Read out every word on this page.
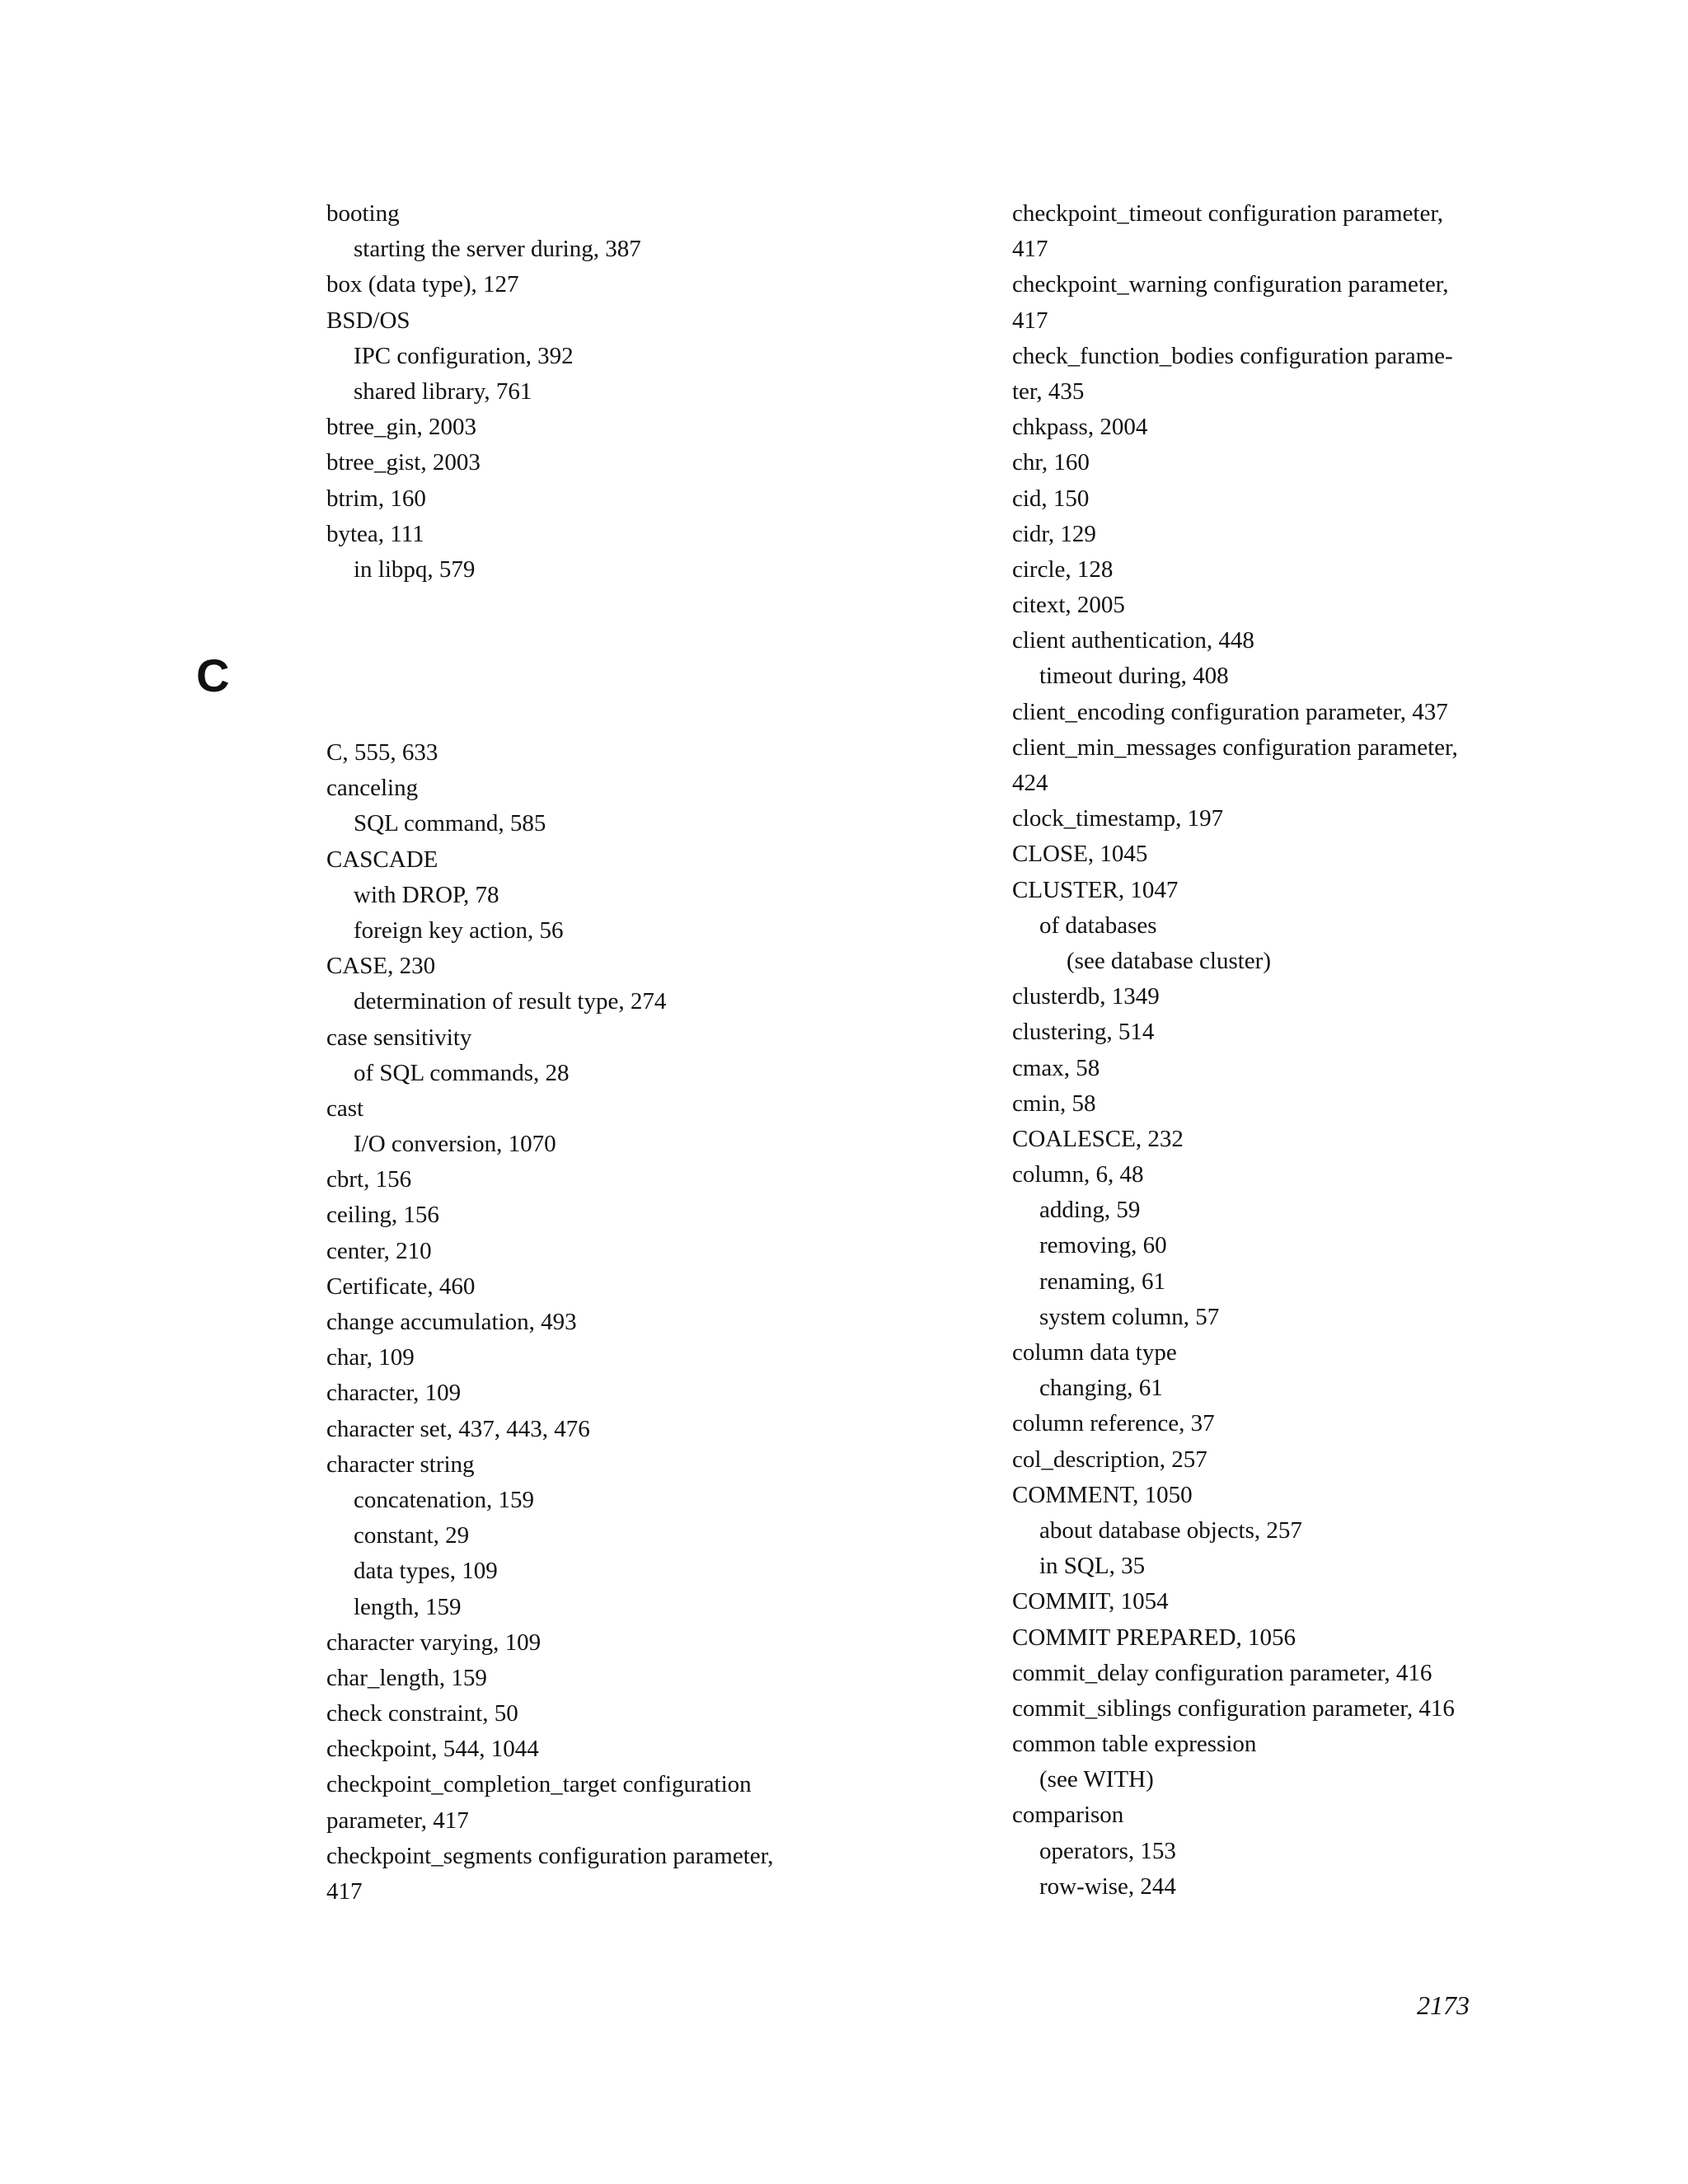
booting
starting the server during, 387
box (data type), 127
BSD/OS
IPC configuration, 392
shared library, 761
btree_gin, 2003
btree_gist, 2003
btrim, 160
bytea, 111
in libpq, 579
C
C, 555, 633
canceling
SQL command, 585
CASCADE
with DROP, 78
foreign key action, 56
CASE, 230
determination of result type, 274
case sensitivity
of SQL commands, 28
cast
I/O conversion, 1070
cbrt, 156
ceiling, 156
center, 210
Certificate, 460
change accumulation, 493
char, 109
character, 109
character set, 437, 443, 476
character string
concatenation, 159
constant, 29
data types, 109
length, 159
character varying, 109
char_length, 159
check constraint, 50
checkpoint, 544, 1044
checkpoint_completion_target configuration
parameter, 417
checkpoint_segments configuration parameter,
417
checkpoint_timeout configuration parameter,
417
checkpoint_warning configuration parameter,
417
check_function_bodies configuration parame-
ter, 435
chkpass, 2004
chr, 160
cid, 150
cidr, 129
circle, 128
citext, 2005
client authentication, 448
timeout during, 408
client_encoding configuration parameter, 437
client_min_messages configuration parameter,
424
clock_timestamp, 197
CLOSE, 1045
CLUSTER, 1047
of databases
(see database cluster)
clusterdb, 1349
clustering, 514
cmax, 58
cmin, 58
COALESCE, 232
column, 6, 48
adding, 59
removing, 60
renaming, 61
system column, 57
column data type
changing, 61
column reference, 37
col_description, 257
COMMENT, 1050
about database objects, 257
in SQL, 35
COMMIT, 1054
COMMIT PREPARED, 1056
commit_delay configuration parameter, 416
commit_siblings configuration parameter, 416
common table expression
(see WITH)
comparison
operators, 153
row-wise, 244
2173
